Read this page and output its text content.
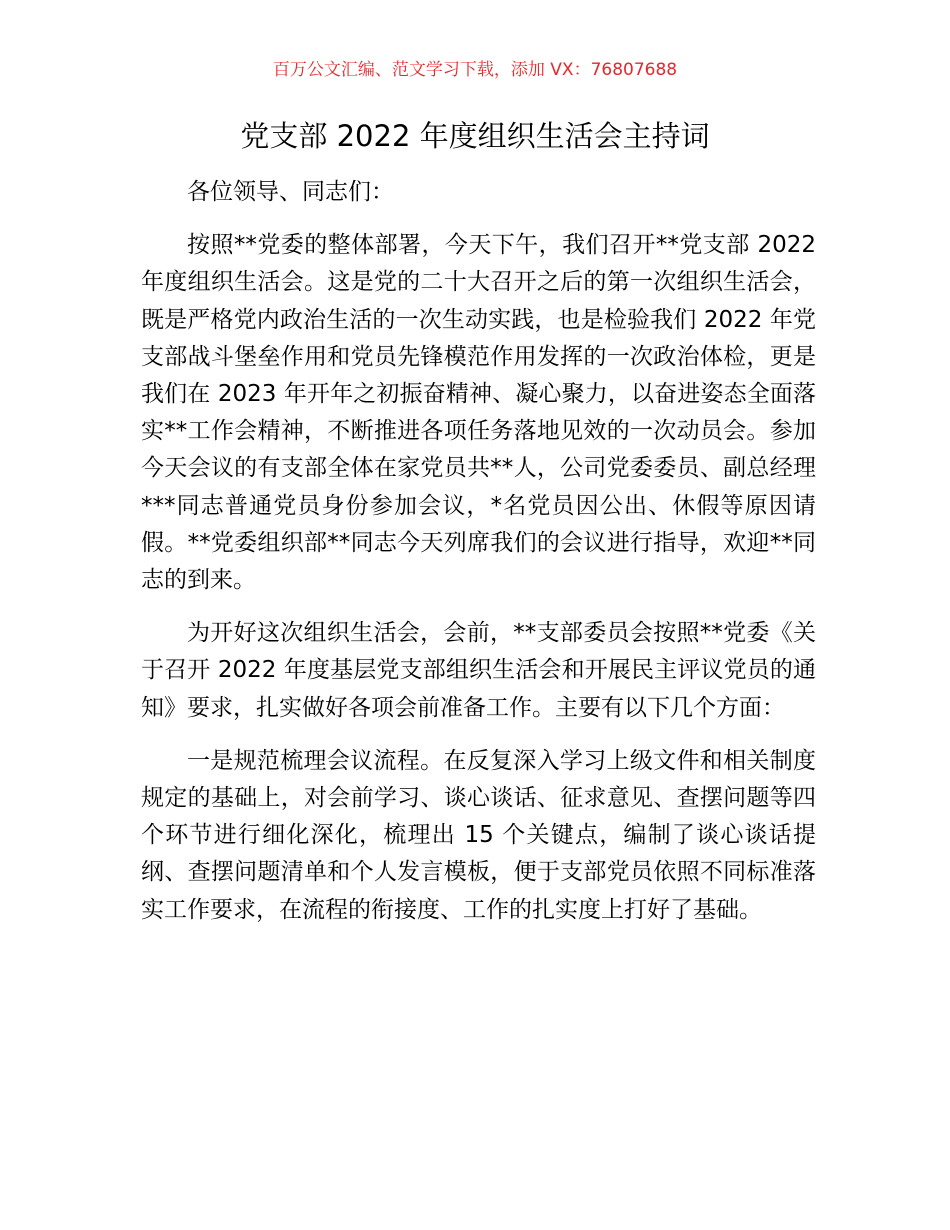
百万公文汇编、范文学习下载，添加 VX：76807688
党支部 2022 年度组织生活会主持词

各位领导、同志们：

按照**党委的整体部署，今天下午，我们召开**党支部 2022 年度组织生活会。这是党的二十大召开之后的第一次组织生活会，既是严格党内政治生活的一次生动实践，也是检验我们 2022 年党支部战斗堡垒作用和党员先锋模范作用发挥的一次政治体检，更是我们在 2023 年开年之初振奋精神、凝心聚力，以奋进姿态全面落实**工作会精神，不断推进各项任务落地见效的一次动员会。参加今天会议的有支部全体在家党员共**人，公司党委委员、副总经理***同志普通党员身份参加会议，*名党员因公出、休假等原因请假。**党委组织部**同志今天列席我们的会议进行指导，欢迎**同志的到来。

为开好这次组织生活会，会前，**支部委员会按照**党委《关于召开 2022 年度基层党支部组织生活会和开展民主评议党员的通知》要求，扎实做好各项会前准备工作。主要有以下几个方面：

一是规范梳理会议流程。在反复深入学习上级文件和相关制度规定的基础上，对会前学习、谈心谈话、征求意见、查摆问题等四个环节进行细化深化，梳理出 15 个关键点，编制了谈心谈话提纲、查摆问题清单和个人发言模板，便于支部党员依照不同标准落实工作要求，在流程的衔接度、工作的扎实度上打好了基础。
